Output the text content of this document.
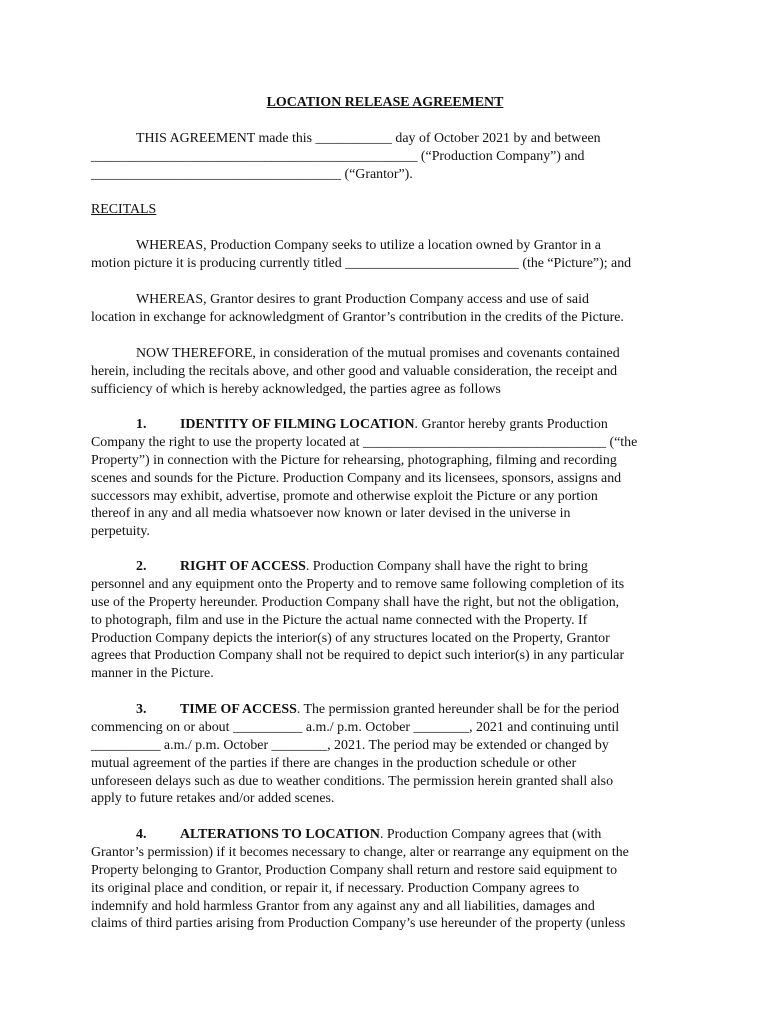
LOCATION RELEASE AGREEMENT
THIS AGREEMENT made this ___________ day of October 2021 by and between
_______________________________________________ (“Production Company”) and
____________________________________ (“Grantor”).
RECITALS
WHEREAS, Production Company seeks to utilize a location owned by Grantor in a
motion picture it is producing currently titled _________________________ (the “Picture”); and
WHEREAS, Grantor desires to grant Production Company access and use of said
location in exchange for acknowledgment of Grantor’s contribution in the credits of the Picture.
NOW THEREFORE, in consideration of the mutual promises and covenants contained
herein, including the recitals above, and other good and valuable consideration, the receipt and
sufficiency of which is hereby acknowledged, the parties agree as follows
1. IDENTITY OF FILMING LOCATION. Grantor hereby grants Production
Company the right to use the property located at ___________________________________ (“the
Property”) in connection with the Picture for rehearsing, photographing, filming and recording
scenes and sounds for the Picture. Production Company and its licensees, sponsors, assigns and
successors may exhibit, advertise, promote and otherwise exploit the Picture or any portion
thereof in any and all media whatsoever now known or later devised in the universe in
perpetuity.
2. RIGHT OF ACCESS. Production Company shall have the right to bring
personnel and any equipment onto the Property and to remove same following completion of its
use of the Property hereunder. Production Company shall have the right, but not the obligation,
to photograph, film and use in the Picture the actual name connected with the Property. If
Production Company depicts the interior(s) of any structures located on the Property, Grantor
agrees that Production Company shall not be required to depict such interior(s) in any particular
manner in the Picture.
3. TIME OF ACCESS. The permission granted hereunder shall be for the period
commencing on or about __________ a.m./ p.m. October ________, 2021 and continuing until
__________ a.m./ p.m. October ________, 2021. The period may be extended or changed by
mutual agreement of the parties if there are changes in the production schedule or other
unforeseen delays such as due to weather conditions. The permission herein granted shall also
apply to future retakes and/or added scenes.
4. ALTERATIONS TO LOCATION. Production Company agrees that (with
Grantor’s permission) if it becomes necessary to change, alter or rearrange any equipment on the
Property belonging to Grantor, Production Company shall return and restore said equipment to
its original place and condition, or repair it, if necessary. Production Company agrees to
indemnify and hold harmless Grantor from any against any and all liabilities, damages and
claims of third parties arising from Production Company’s use hereunder of the property (unless
